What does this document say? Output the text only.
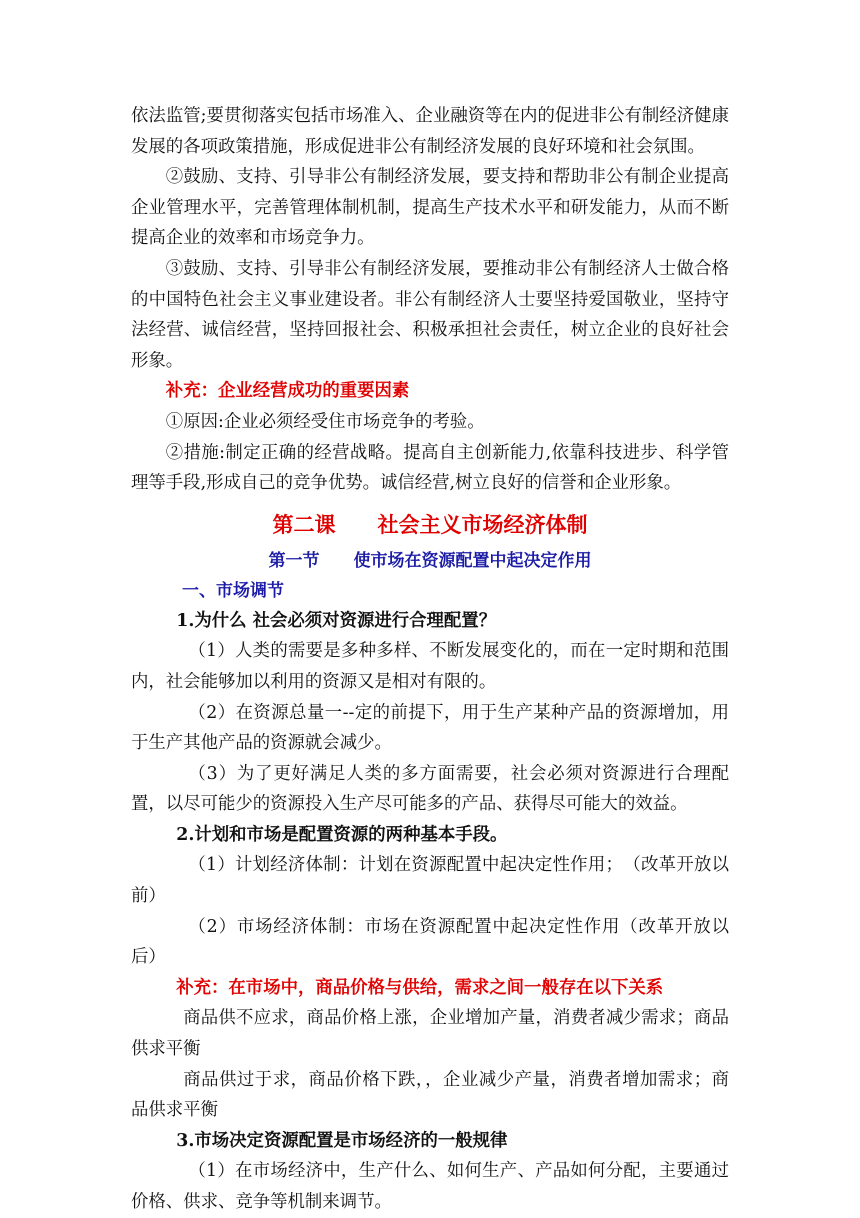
依法监管;要贯彻落实包括市场准入、企业融资等在内的促进非公有制经济健康发展的各项政策措施，形成促进非公有制经济发展的良好环境和社会氛围。

②鼓励、支持、引导非公有制经济发展，要支持和帮助非公有制企业提高企业管理水平，完善管理体制机制，提高生产技术水平和研发能力，从而不断提高企业的效率和市场竞争力。

③鼓励、支持、引导非公有制经济发展，要推动非公有制经济人士做合格的中国特色社会主义事业建设者。非公有制经济人士要坚持爱国敬业，坚持守法经营、诚信经营，坚持回报社会、积极承担社会责任，树立企业的良好社会形象。

补充：企业经营成功的重要因素

①原因:企业必须经受住市场竞争的考验。

②措施:制定正确的经营战略。提高自主创新能力,依靠科技进步、科学管理等手段,形成自己的竞争优势。诚信经营,树立良好的信誉和企业形象。

第二课　　社会主义市场经济体制
第一节　　使市场在资源配置中起决定作用
一、市场调节

1.为什么 社会必须对资源进行合理配置？

（1）人类的需要是多种多样、不断发展变化的，而在一定时期和范围内，社会能够加以利用的资源又是相对有限的。

（2）在资源总量一--定的前提下，用于生产某种产品的资源增加，用于生产其他产品的资源就会减少。

（3）为了更好满足人类的多方面需要，社会必须对资源进行合理配置，以尽可能少的资源投入生产尽可能多的产品、获得尽可能大的效益。

2.计划和市场是配置资源的两种基本手段。

（1）计划经济体制：计划在资源配置中起决定性作用；　（改革开放以前）

（2）市场经济体制：市场在资源配置中起决定性作用（改革开放以后）

补充：在市场中，商品价格与供给，需求之间一般存在以下关系

商品供不应求，商品价格上涨，企业增加产量，消费者减少需求；商品供求平衡

商品供过于求，商品价格下跌，，企业减少产量，消费者增加需求；商品供求平衡

3.市场决定资源配置是市场经济的一般规律

（1）在市场经济中，生产什么、如何生产、产品如何分配，主要通过价格、供求、竞争等机制来调节。
